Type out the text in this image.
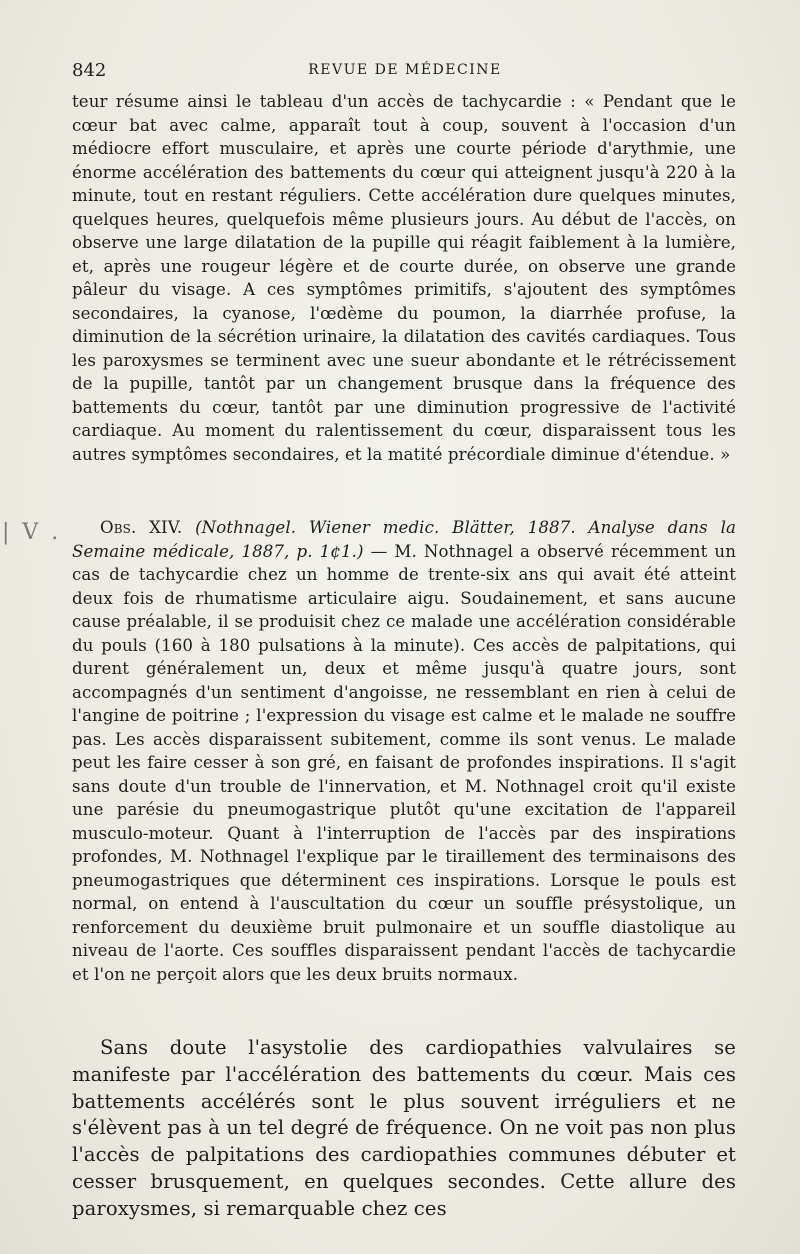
842	REVUE DE MÉDECINE
| V .

teur résume ainsi le tableau d'un accès de tachycardie : « Pendant que le cœur bat avec calme, apparaît tout à coup, souvent à l'occasion d'un médiocre effort musculaire, et après une courte période d'arythmie, une énorme accélération des battements du cœur qui atteignent jusqu'à 220 à la minute, tout en restant réguliers. Cette accélération dure quelques minutes, quelques heures, quelquefois même plusieurs jours. Au début de l'accès, on observe une large dilatation de la pupille qui réagit faiblement à la lumière, et, après une rougeur légère et de courte durée, on observe une grande pâleur du visage. A ces symptômes primitifs, s'ajoutent des symptômes secondaires, la cyanose, l'œdème du poumon, la diarrhée profuse, la diminution de la sécrétion urinaire, la dilatation des cavités cardiaques. Tous les paroxysmes se terminent avec une sueur abondante et le rétrécissement de la pupille, tantôt par un changement brusque dans la fréquence des battements du cœur, tantôt par une diminution progressive de l'activité cardiaque. Au moment du ralentissement du cœur, disparaissent tous les autres symptômes secondaires, et la matité précordiale diminue d'étendue. »

Obs. XIV. (Nothnagel. Wiener medic. Blätter, 1887. Analyse dans la Semaine médicale, 1887, p. 1¢1.) — M. Nothnagel a observé récemment un cas de tachycardie chez un homme de trente-six ans qui avait été atteint deux fois de rhumatisme articulaire aigu. Soudainement, et sans aucune cause préalable, il se produisit chez ce malade une accélération considérable du pouls (160 à 180 pulsations à la minute). Ces accès de palpitations, qui durent généralement un, deux et même jusqu'à quatre jours, sont accompagnés d'un sentiment d'angoisse, ne ressemblant en rien à celui de l'angine de poitrine ; l'expression du visage est calme et le malade ne souffre pas. Les accès disparaissent subitement, comme ils sont venus. Le malade peut les faire cesser à son gré, en faisant de profondes inspirations. Il s'agit sans doute d'un trouble de l'innervation, et M. Nothnagel croit qu'il existe une parésie du pneumogastrique plutôt qu'une excitation de l'appareil musculo-moteur. Quant à l'interruption de l'accès par des inspirations profondes, M. Nothnagel l'explique par le tiraillement des terminaisons des pneumogastriques que déterminent ces inspirations. Lorsque le pouls est normal, on entend à l'auscultation du cœur un souffle présystolique, un renforcement du deuxième bruit pulmonaire et un souffle diastolique au niveau de l'aorte. Ces souffles disparaissent pendant l'accès de tachycardie et l'on ne perçoit alors que les deux bruits normaux.

Sans doute l'asystolie des cardiopathies valvulaires se manifeste par l'accélération des battements du cœur. Mais ces battements accélérés sont le plus souvent irréguliers et ne s'élèvent pas à un tel degré de fréquence. On ne voit pas non plus l'accès de palpitations des cardiopathies communes débuter et cesser brusquement, en quelques secondes. Cette allure des paroxysmes, si remarquable chez ces
